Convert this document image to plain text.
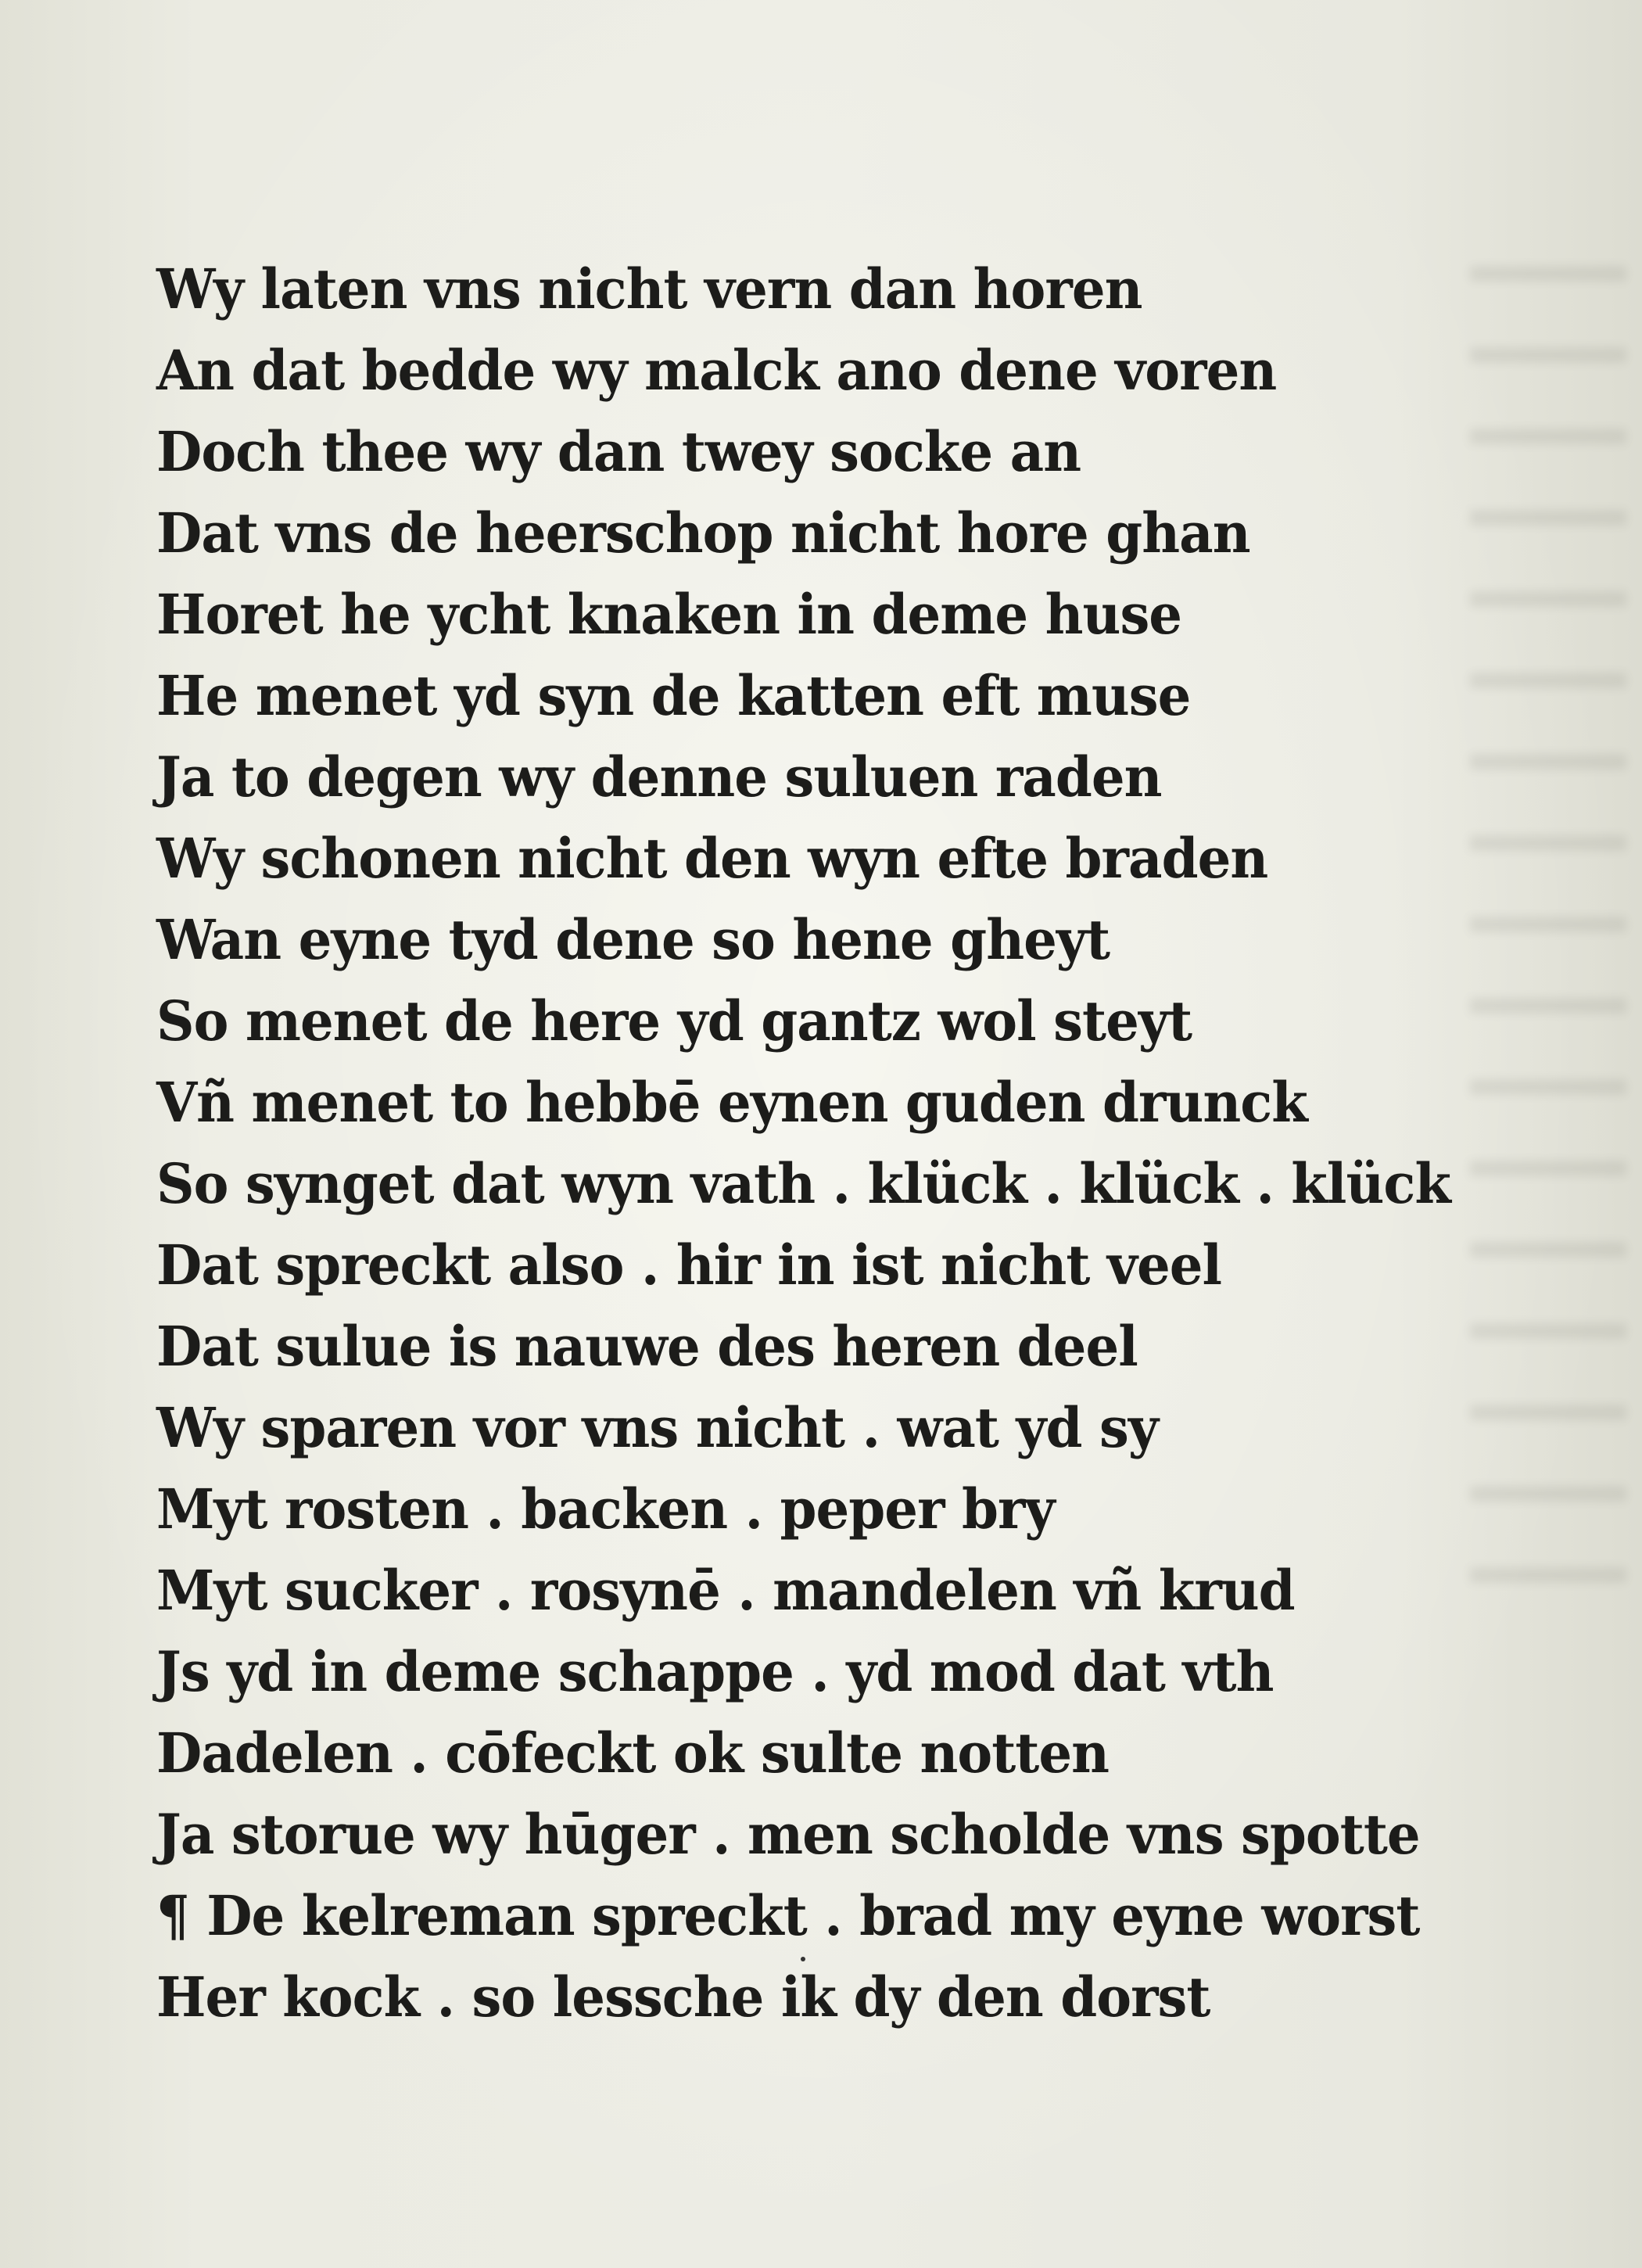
Wy laten vns nicht vern dan horen
An dat bedde wy malck ano dene voren
Doch thee wy dan twey socke an
Dat vns de heerschop nicht hore ghan
Horet he ycht knaken in deme huse
He menet yd syn de katten eft muse
Ja to degen wy denne suluen raden
Wy schonen nicht den wyn efte braden
Wan eyne tyd dene so hene gheyt
So menet de here yd gantz wol steyt
Vñ menet to hebbē eynen guden drunck
So synget dat wyn vath . klück . klück . klück
Dat spreckt also . hir in ist nicht veel
Dat sulue is nauwe des heren deel
Wy sparen vor vns nicht . wat yd sy
Myt rosten . backen . peper bry
Myt sucker . rosynē . mandelen vñ krud
Js yd in deme schappe . yd mod dat vth
Dadelen . cōfeckt ok sulte notten
Ja storue wy hūger . men scholde vns spotte
¶ De kelreman spreckt . brad my eyne worst
Her kock . so lessche ik dy den dorst
